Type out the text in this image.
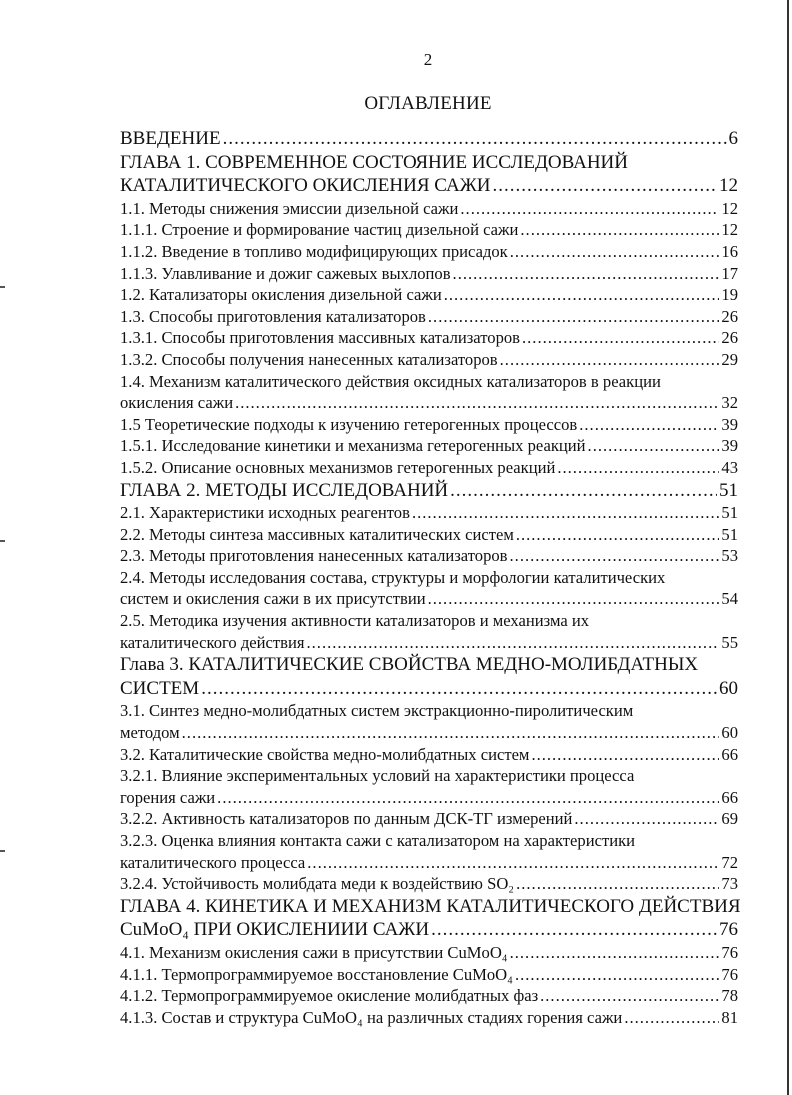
2
ОГЛАВЛЕНИЕ
ВВЕДЕНИЕ .....	6
ГЛАВА 1. СОВРЕМЕННОЕ СОСТОЯНИЕ ИССЛЕДОВАНИЙ
КАТАЛИТИЧЕСКОГО ОКИСЛЕНИЯ САЖИ .....	12
1.1. Методы снижения эмиссии дизельной сажи .....	12
1.1.1. Строение и формирование частиц дизельной сажи .....	12
1.1.2. Введение в топливо модифицирующих присадок .....	16
1.1.3. Улавливание и дожиг сажевых выхлопов .....	17
1.2. Катализаторы окисления дизельной сажи .....	19
1.3. Способы приготовления катализаторов .....	26
1.3.1. Способы приготовления массивных катализаторов .....	26
1.3.2. Способы получения нанесенных катализаторов .....	29
1.4. Механизм каталитического действия оксидных катализаторов в реакции
окисления сажи .....	32
1.5 Теоретические подходы к изучению гетерогенных процессов .....	39
1.5.1. Исследование кинетики и механизма гетерогенных реакций .....	39
1.5.2. Описание основных механизмов гетерогенных реакций .....	43
ГЛАВА 2. МЕТОДЫ ИССЛЕДОВАНИЙ .....	51
2.1. Характеристики исходных реагентов .....	51
2.2. Методы синтеза массивных каталитических систем .....	51
2.3. Методы приготовления нанесенных катализаторов .....	53
2.4. Методы исследования состава, структуры и морфологии каталитических
систем и окисления сажи в их присутствии .....	54
2.5. Методика изучения активности катализаторов и механизма их
каталитического действия .....	55
Глава 3. КАТАЛИТИЧЕСКИЕ СВОЙСТВА МЕДНО-МОЛИБДАТНЫХ
СИСТЕМ .....	60
3.1. Синтез медно-молибдатных систем экстракционно-пиролитическим
методом .....	60
3.2. Каталитические свойства медно-молибдатных систем .....	66
3.2.1. Влияние экспериментальных условий на характеристики процесса
горения сажи .....	66
3.2.2. Активность катализаторов по данным ДСК-ТГ измерений .....	69
3.2.3. Оценка влияния контакта сажи с катализатором на характеристики
каталитического процесса .....	72
3.2.4. Устойчивость молибдата меди к воздействию SO₂ .....	73
ГЛАВА 4. КИНЕТИКА И МЕХАНИЗМ КАТАЛИТИЧЕСКОГО ДЕЙСТВИЯ
CuMoO₄ ПРИ ОКИСЛЕНИИИ САЖИ .....	76
4.1. Механизм окисления сажи в присутствии CuMoO₄ .....	76
4.1.1. Термопрограммируемое восстановление CuMoO₄ .....	76
4.1.2. Термопрограммируемое окисление молибдатных фаз .....	78
4.1.3. Состав и структура CuMoO₄ на различных стадиях горения сажи .....	81
